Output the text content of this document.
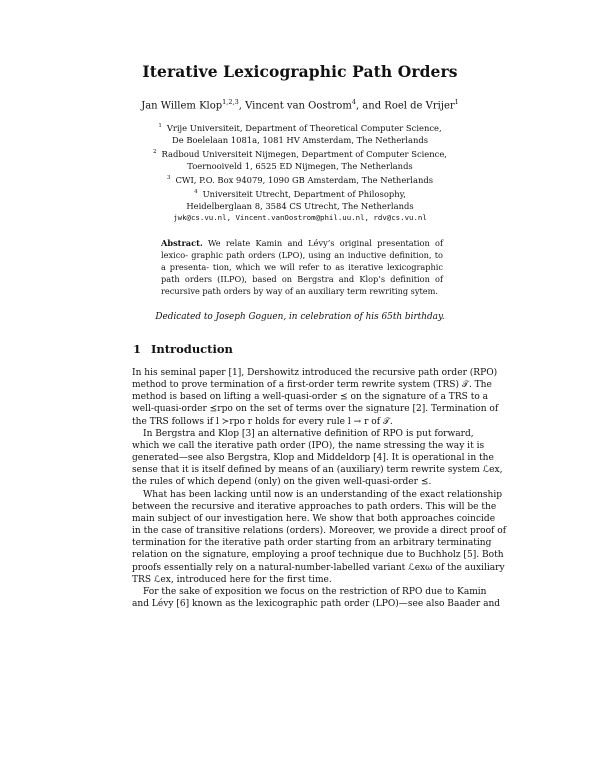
Iterative Lexicographic Path Orders
Jan Willem Klop$^{1,2,3}$, Vincent van Oostrom$^4$, and Roel de Vrijer$^1$
$^1$ Vrije Universiteit, Department of Theoretical Computer Science,
De Boelelaan 1081a, 1081 HV Amsterdam, The Netherlands
$^2$ Radboud Universiteit Nijmegen, Department of Computer Science,
Toernooiveld 1, 6525 ED Nijmegen, The Netherlands
$^3$ CWI, P.O. Box 94079, 1090 GB Amsterdam, The Netherlands
$^4$ Universiteit Utrecht, Department of Philosophy,
Heidelberglaan 8, 3584 CS Utrecht, The Netherlands
jwk@cs.vu.nl, Vincent.vanOostrom@phil.uu.nl, rdv@cs.vu.nl
Abstract. We relate Kamin and Lévy’s original presentation of lexico- graphic path orders (LPO), using an inductive definition, to a presenta- tion, which we will refer to as iterative lexicographic path orders (ILPO), based on Bergstra and Klop’s definition of recursive path orders by way of an auxiliary term rewriting sytem.
Dedicated to Joseph Goguen, in celebration of his 65th birthday.
1 Introduction
In his seminal paper [1], Dershowitz introduced the recursive path order (RPO)
method to prove termination of a first-order term rewrite system (TRS) 𝒯. The
method is based on lifting a well-quasi-order ⪯ on the signature of a TRS to a
well-quasi-order ⪯rpo on the set of terms over the signature [2]. Termination of
the TRS follows if l ≻rpo r holds for every rule l → r of 𝒯.
In Bergstra and Klop [3] an alternative definition of RPO is put forward,
which we call the iterative path order (IPO), the name stressing the way it is
generated—see also Bergstra, Klop and Middeldorp [4]. It is operational in the
sense that it is itself defined by means of an (auxiliary) term rewrite system ℒex,
the rules of which depend (only) on the given well-quasi-order ⪯.
What has been lacking until now is an understanding of the exact relationship
between the recursive and iterative approaches to path orders. This will be the
main subject of our investigation here. We show that both approaches coincide
in the case of transitive relations (orders). Moreover, we provide a direct proof of
termination for the iterative path order starting from an arbitrary terminating
relation on the signature, employing a proof technique due to Buchholz [5]. Both
proofs essentially rely on a natural-number-labelled variant ℒexω of the auxiliary
TRS ℒex, introduced here for the first time.
For the sake of exposition we focus on the restriction of RPO due to Kamin
and Lévy [6] known as the lexicographic path order (LPO)—see also Baader and
